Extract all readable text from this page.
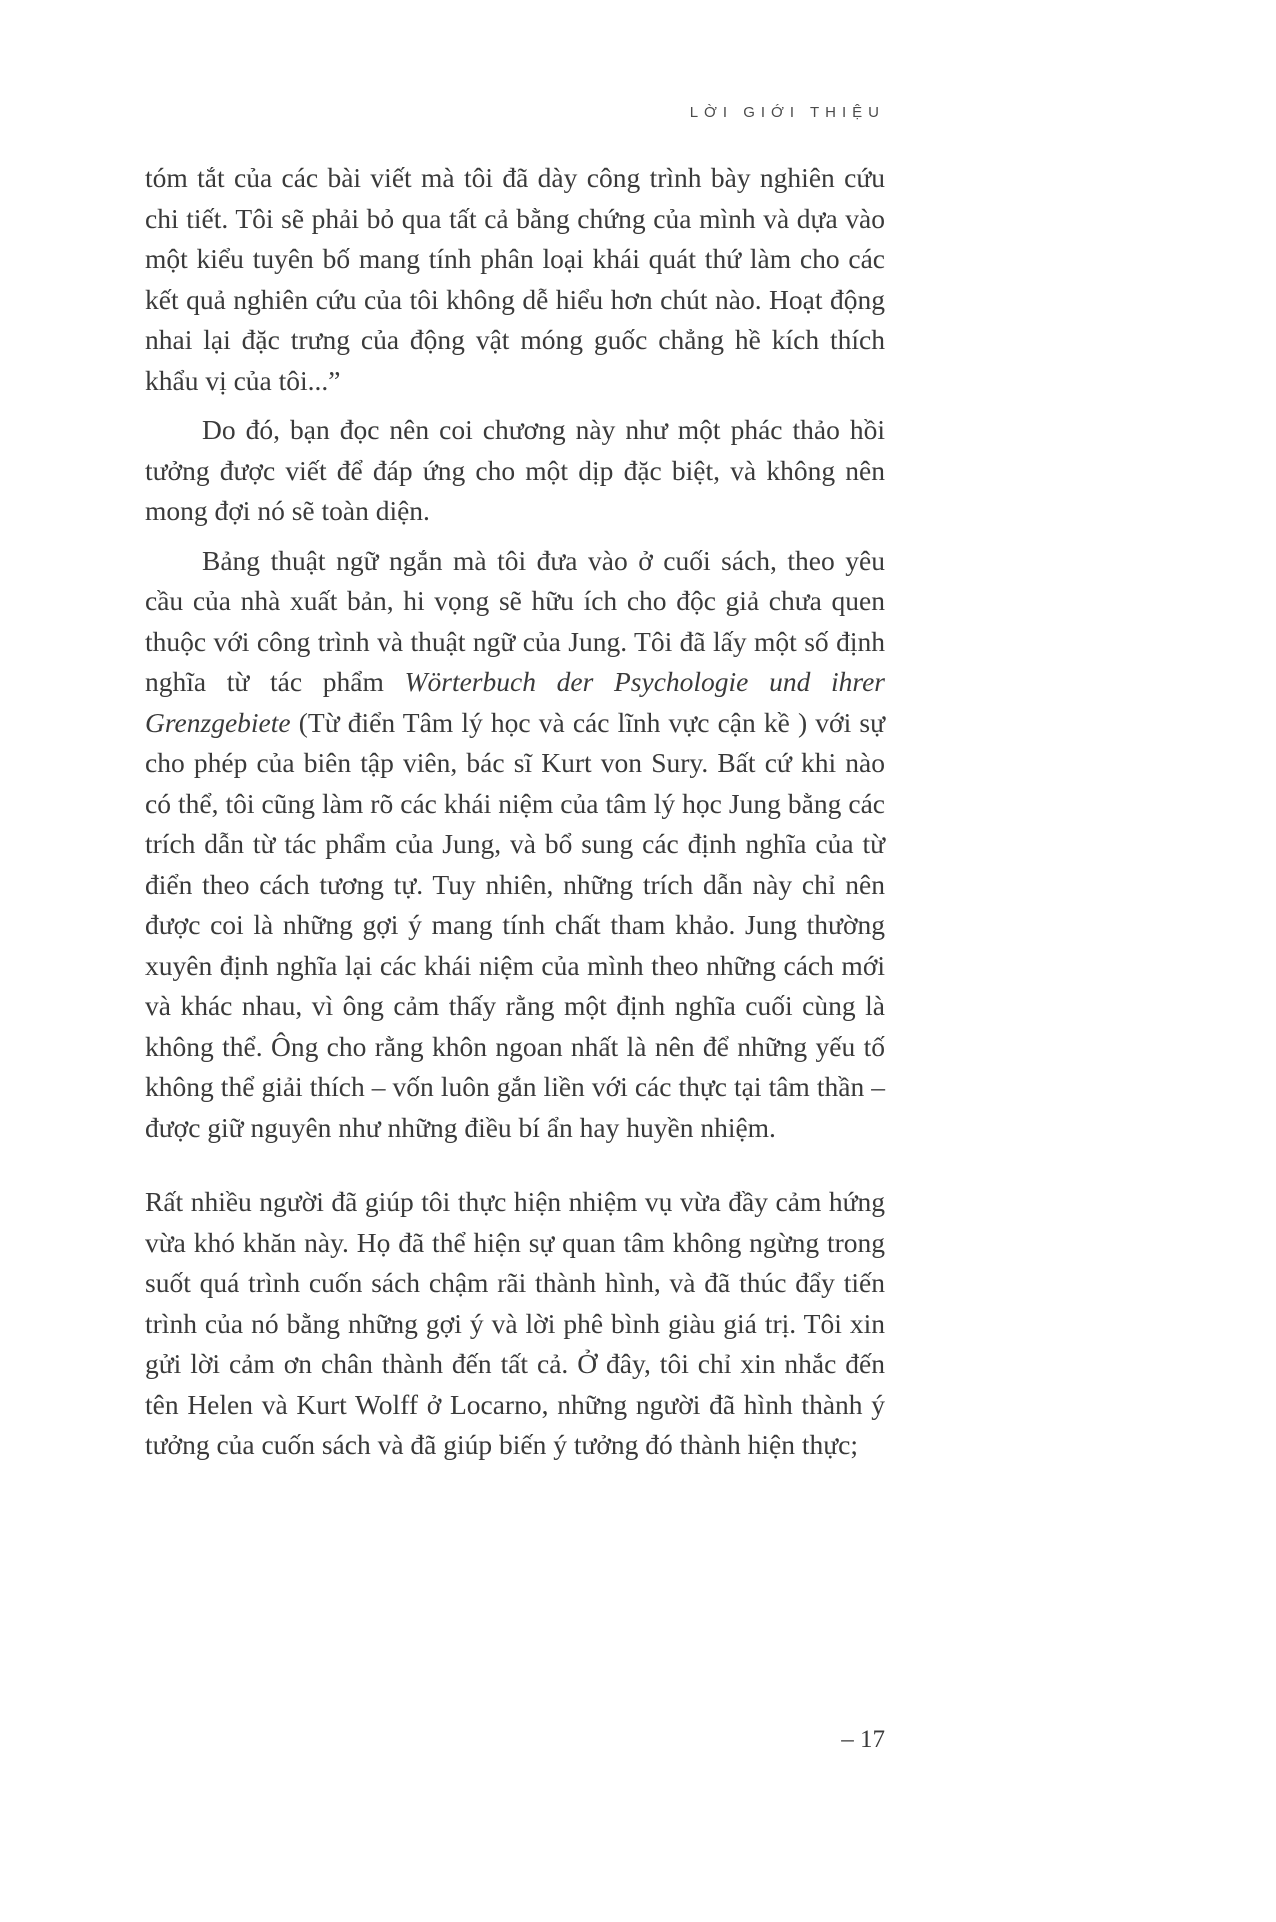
LỜI GIỚI THIỆU

tóm tắt của các bài viết mà tôi đã dày công trình bày nghiên cứu chi tiết. Tôi sẽ phải bỏ qua tất cả bằng chứng của mình và dựa vào một kiểu tuyên bố mang tính phân loại khái quát thứ làm cho các kết quả nghiên cứu của tôi không dễ hiểu hơn chút nào. Hoạt động nhai lại đặc trưng của động vật móng guốc chẳng hề kích thích khẩu vị của tôi...”

Do đó, bạn đọc nên coi chương này như một phác thảo hồi tưởng được viết để đáp ứng cho một dịp đặc biệt, và không nên mong đợi nó sẽ toàn diện.

Bảng thuật ngữ ngắn mà tôi đưa vào ở cuối sách, theo yêu cầu của nhà xuất bản, hi vọng sẽ hữu ích cho độc giả chưa quen thuộc với công trình và thuật ngữ của Jung. Tôi đã lấy một số định nghĩa từ tác phẩm Wörterbuch der Psychologie und ihrer Grenzgebiete (Từ điển Tâm lý học và các lĩnh vực cận kề ) với sự cho phép của biên tập viên, bác sĩ Kurt von Sury. Bất cứ khi nào có thể, tôi cũng làm rõ các khái niệm của tâm lý học Jung bằng các trích dẫn từ tác phẩm của Jung, và bổ sung các định nghĩa của từ điển theo cách tương tự. Tuy nhiên, những trích dẫn này chỉ nên được coi là những gợi ý mang tính chất tham khảo. Jung thường xuyên định nghĩa lại các khái niệm của mình theo những cách mới và khác nhau, vì ông cảm thấy rằng một định nghĩa cuối cùng là không thể. Ông cho rằng khôn ngoan nhất là nên để những yếu tố không thể giải thích – vốn luôn gắn liền với các thực tại tâm thần – được giữ nguyên như những điều bí ẩn hay huyền nhiệm.

Rất nhiều người đã giúp tôi thực hiện nhiệm vụ vừa đầy cảm hứng vừa khó khăn này. Họ đã thể hiện sự quan tâm không ngừng trong suốt quá trình cuốn sách chậm rãi thành hình, và đã thúc đẩy tiến trình của nó bằng những gợi ý và lời phê bình giàu giá trị. Tôi xin gửi lời cảm ơn chân thành đến tất cả. Ở đây, tôi chỉ xin nhắc đến tên Helen và Kurt Wolff ở Locarno, những người đã hình thành ý tưởng của cuốn sách và đã giúp biến ý tưởng đó thành hiện thực;

– 17
